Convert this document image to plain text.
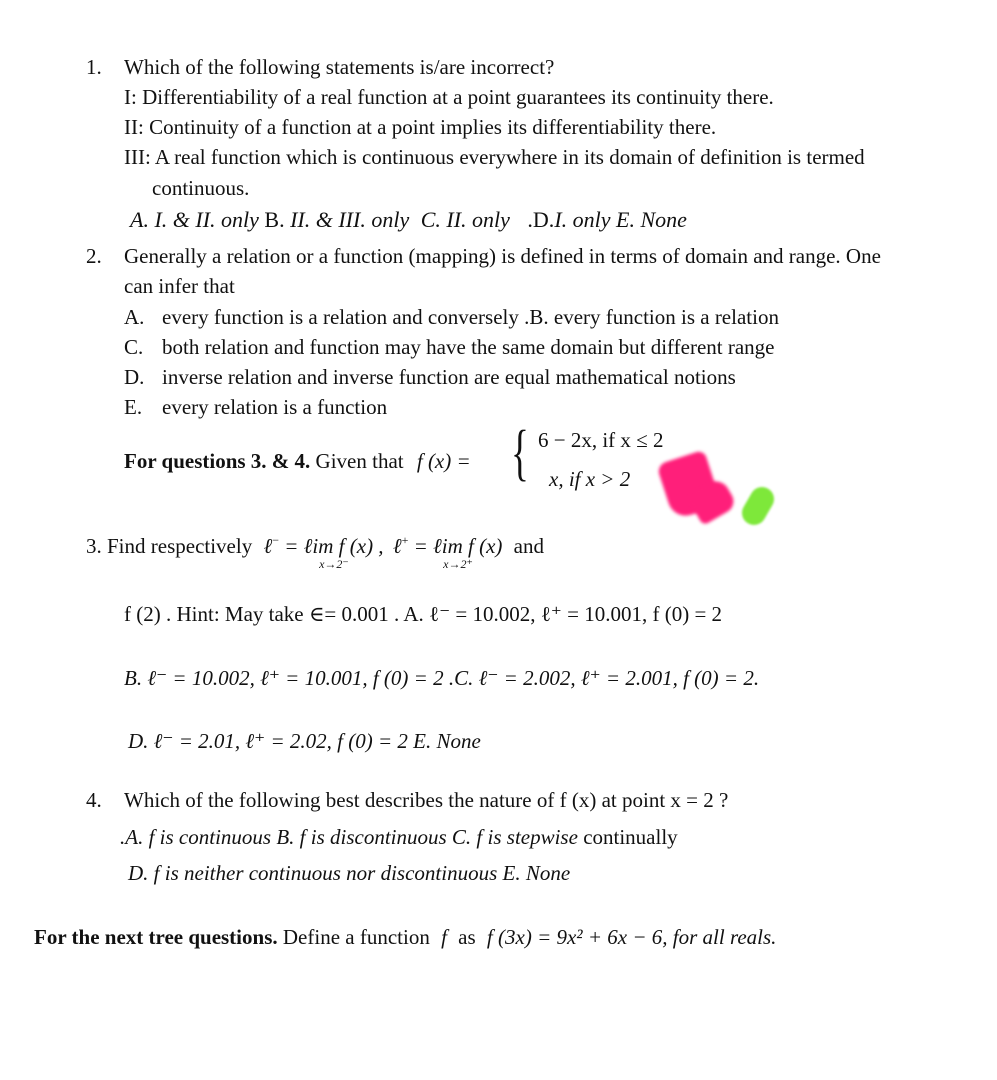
1. Which of the following statements is/are incorrect?
I: Differentiability of a real function at a point guarantees its continuity there.
II: Continuity of a function at a point implies its differentiability there.
III: A real function which is continuous everywhere in its domain of definition is termed
continuous.
A. I. & II. only B. II. & III. only C. II. only .D.I. only E. None
2. Generally a relation or a function (mapping) is defined in terms of domain and range. One
can infer that
A. every function is a relation and conversely .B. every function is a relation
C. both relation and function may have the same domain but different range
D. inverse relation and inverse function are equal mathematical notions
E. every relation is a function
For questions 3. & 4. Given that f (x) = { 6 − 2x, if x ≤ 2
x, if x > 2
3. Find respectively ℓ− = ℓim f (x) ,
x→2⁻
ℓ+ = ℓim f (x)
x→2⁺
and
f (2) . Hint: May take ∈= 0.001 . A. ℓ⁻ = 10.002, ℓ⁺ = 10.001, f (0) = 2
B. ℓ⁻ = 10.002, ℓ⁺ = 10.001, f (0) = 2 .C. ℓ⁻ = 2.002, ℓ⁺ = 2.001, f (0) = 2.
D. ℓ⁻ = 2.01, ℓ⁺ = 2.02, f (0) = 2 E. None
4. Which of the following best describes the nature of f (x) at point x = 2 ?
.A. f is continuous B. f is discontinuous C. f is stepwise continually
D. f is neither continuous nor discontinuous E. None
For the next tree questions. Define a function f as f (3x) = 9x² + 6x − 6, for all reals.
